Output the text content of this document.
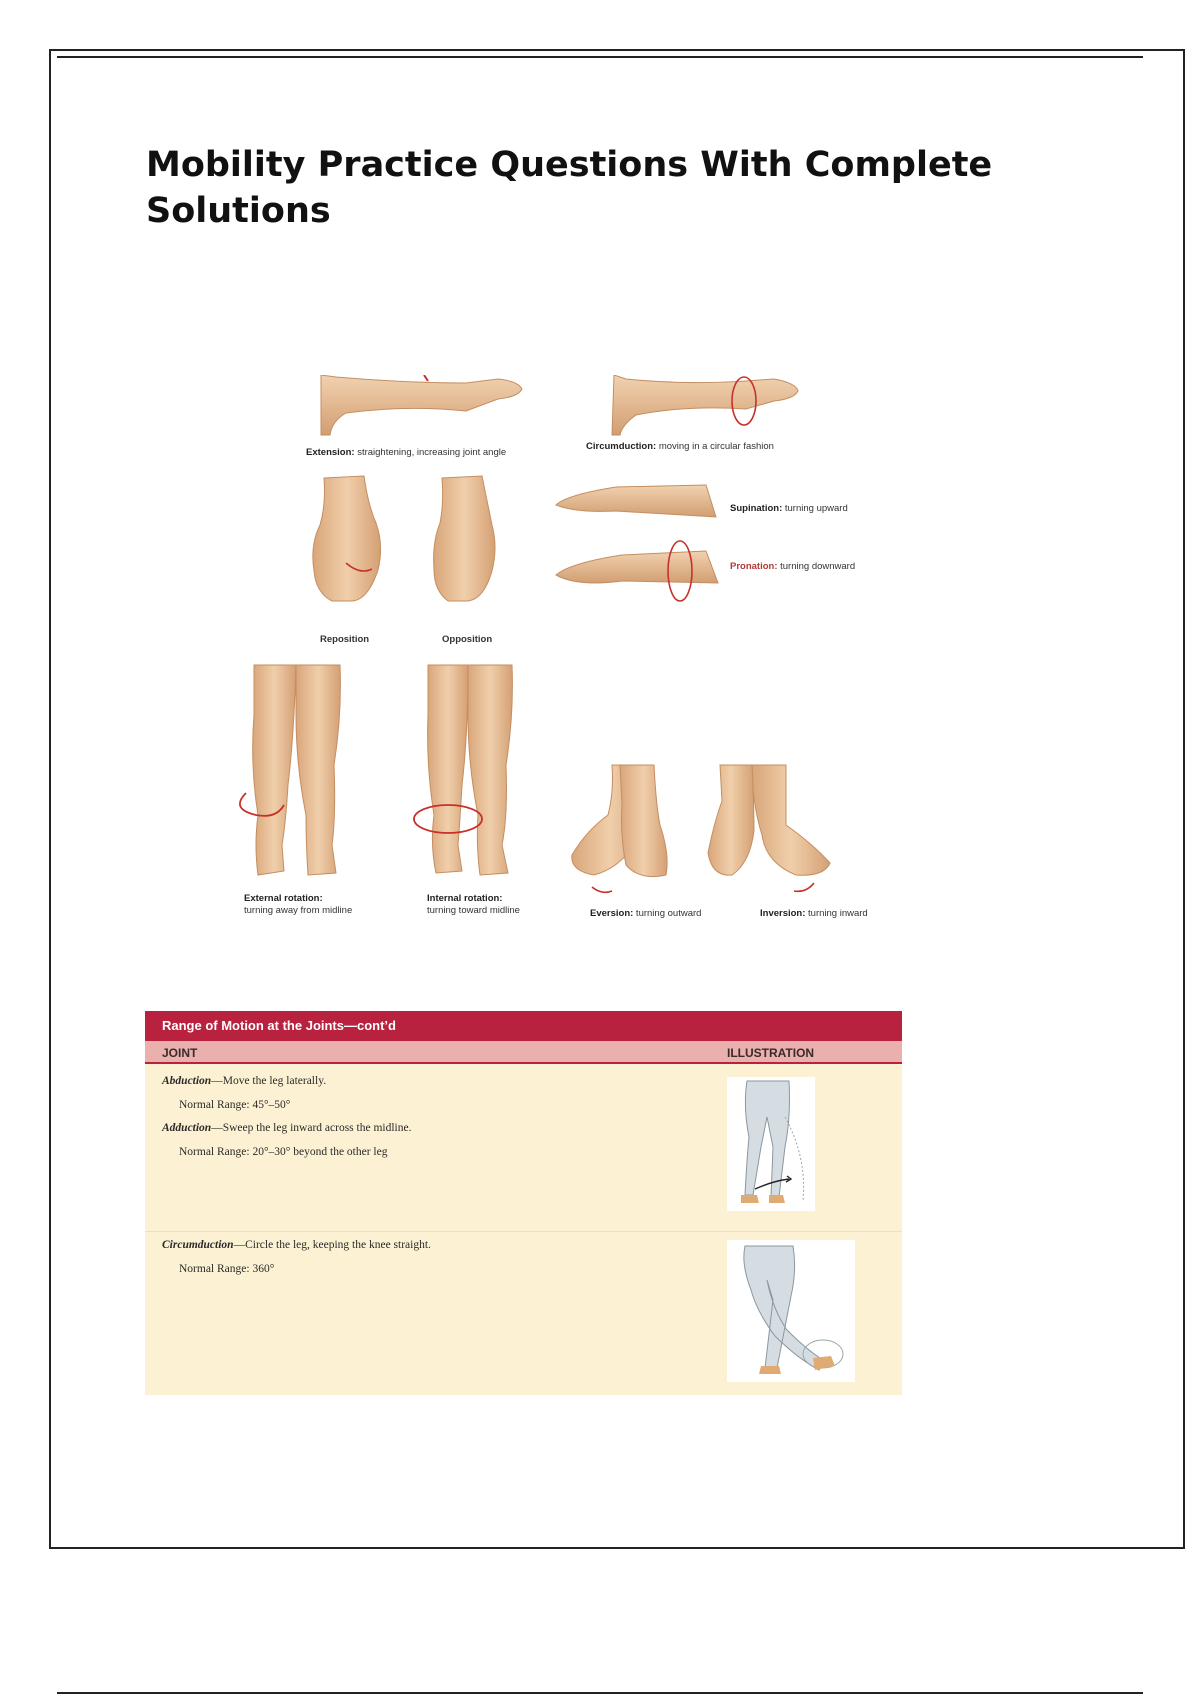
Mobility Practice Questions With Complete Solutions
Extension: straightening, increasing joint angle
Circumduction: moving in a circular fashion
Supination: turning upward
Pronation: turning downward
Reposition	Opposition
External rotation:
turning away from midline
Internal rotation:
turning toward midline	Eversion: turning outward	Inversion: turning inward
Range of Motion at the Joints—cont’d
JOINT	ILLUSTRATION
Abduction—Move the leg laterally.
Normal Range: 45°–50°
Adduction—Sweep the leg inward across the midline.
Normal Range: 20°–30° beyond the other leg
Circumduction—Circle the leg, keeping the knee straight.
Normal Range: 360°
